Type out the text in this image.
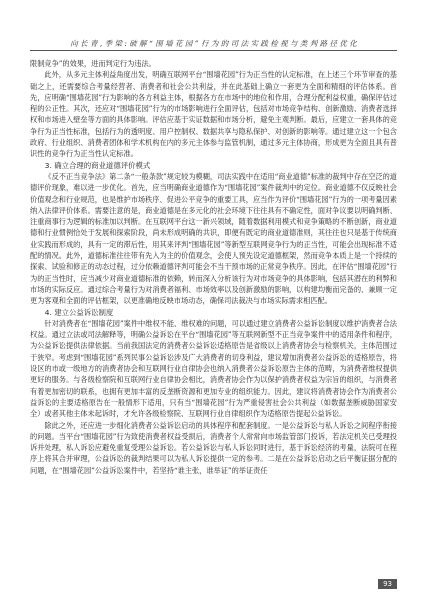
向 长 青 , 季 梁 : 破 解 “ 围 墙 花 园 ” 行 为 的 司 法 实 践 检 视 与 类 判 路 径 优 化

限制竞争”的效果，进而判定行为违法。

此外，从多元主体利益角度出发，明确互联网平台“围墙花园”行为正当性的认定标准，在上述三个环节审查的基础之上，还需要综合考量经营者、消费者和社会公共利益，并在此基础上确立一套更为全面和精细的评估体系。首先，应明确“围墙花园”行为影响的各方利益主体，根据各方在市场中的地位和作用，合理分配利益权重，确保评估过程的公正性。其次，还应对“围墙花园”行为的市场影响进行全面评估，包括对市场竞争结构、创新激励、消费者选择权和市场进入壁垒等方面的具体影响。评估应基于实证数据和市场分析，避免主观判断。最后，应建立一套具体的竞争行为正当性标准，包括行为的透明度、用户控制权、数据共享与隐私保护、对创新的影响等。通过建立这一个包含政府、行业组织、消费者团体和学术机构在内的多元主体参与监管机制，通过多元主体协商，形成更为全面且具有普识性的竞争行为正当性认定标准。

3. 确立合理的商业道德评价模式

《反不正当竞争法》第二条“一般条款”规定较为模糊，司法实践中在适用“商业道德”标准的裁判中存在空泛的道德评价现象，难以进一步优化。首先，应当明确商业道德作为“围墙花园”案件裁判中的定位。商业道德不仅反映社会价值观念和行业规范，也是维护市场秩序、促进公平竞争的重要工具，应当作为评价“围墙花园”行为的一项考量因素纳入法律评价体系。需要注意的是，商业道德是在多元化的社会环境下往往具有不确定性，面对争议要以明确判断、注重商事行为逻辑的标准加以判断。在互联网平台这一新兴领域，随着数据利用模式和竞争策略的不断创新，商业道德和行业惯例恰处于发展和探索阶段，尚未形成明确的共识，即便有既定的商业道德准则，其往往也只是基于传统商业实践而形成的，具有一定的滞后性，用其来评判“围墙花园”等新型互联网竞争行为的正当性，可能会出现标准不适配的情况。此外，道德标准往往带有先入为主的价值观念，会使人预先设定道德框架，然而竞争本质上是一个持续的探索、试验和修正的动态过程，过分依赖道德评判可能会不当干预市场的正常竞争秩序。因此，在评估“围墙花园”行为的正当性时，应当减少对商业道德标准的依赖，转而深入分析该行为对市场竞争的具体影响，包括其潜在的利弊和市场的实际反应。通过综合考量行为对消费者福利、市场效率以及创新激励的影响，以构建均衡而完备的、兼顾一定更为客观和全面的评估框架，以更准确地反映市场动态，确保司法裁决与市场实际需求相匹配。

4. 建立公益诉讼制度

针对消费者在“围墙花园”案件中维权不能、维权难的问题，可以通过建立消费者公益诉讼制度以维护消费者合法权益。通过立法或司法解释等，明确公益诉讼在平台“围墙花园”等互联网新型不正当竞争案件中的适用条件和程序，为公益诉讼提供法律依据。当前我国法定的消费者公益诉讼适格原告是省级以上消费者协会与检察机关，主体范围过于狭窄。考虑到“围墙花园”系列民事公益诉讼涉及广大消费者的切身利益，建议增加消费者公益诉讼的适格原告，将设区的市或一级地方的消费者协会和互联网行业自律协会也纳入消费者公益诉讼原告主体的范畴，为消费者维权提供更好的服务。与各级检察院和互联网行业自律协会相比，消费者协会作为以保护消费者权益为宗旨的组织，与消费者有着更加密切的联系，也拥有更加丰富的反垄断资源和更加专业的组织能力。因此，建议将消费者协会作为消费者公益诉讼的主要适格原告在一般情形下适用，只有当“围墙花园”行为严重侵害社会公共利益（如数据垄断威胁国家安全）或者其他主体未起诉时，才允许各级检察院、互联网行业自律组织作为适格原告提起公益诉讼。

除此之外，还应进一步细化消费者公益诉讼启动的具体程序和配套制度。一是公益诉讼与私人诉讼之间程序衔接的问题。当平台“围墙花园”行为致使消费者权益受损后，消费者个人常常向市场监管部门投诉，若法定机关已受理投诉并处理，私人诉讼应避免重复受理公益诉讼。若公益诉讼与私人诉讼同时进行，基于诉讼经济的考量，法院可在程序上将其合并审理，公益诉讼的裁判结果可以为私人诉讼提供一定的参考。二是在公益诉讼启动之后平衡证据分配的问题，在“围墙花园”公益诉讼案件中，若坚持“谁主张，谁举证”的举证责任

93
